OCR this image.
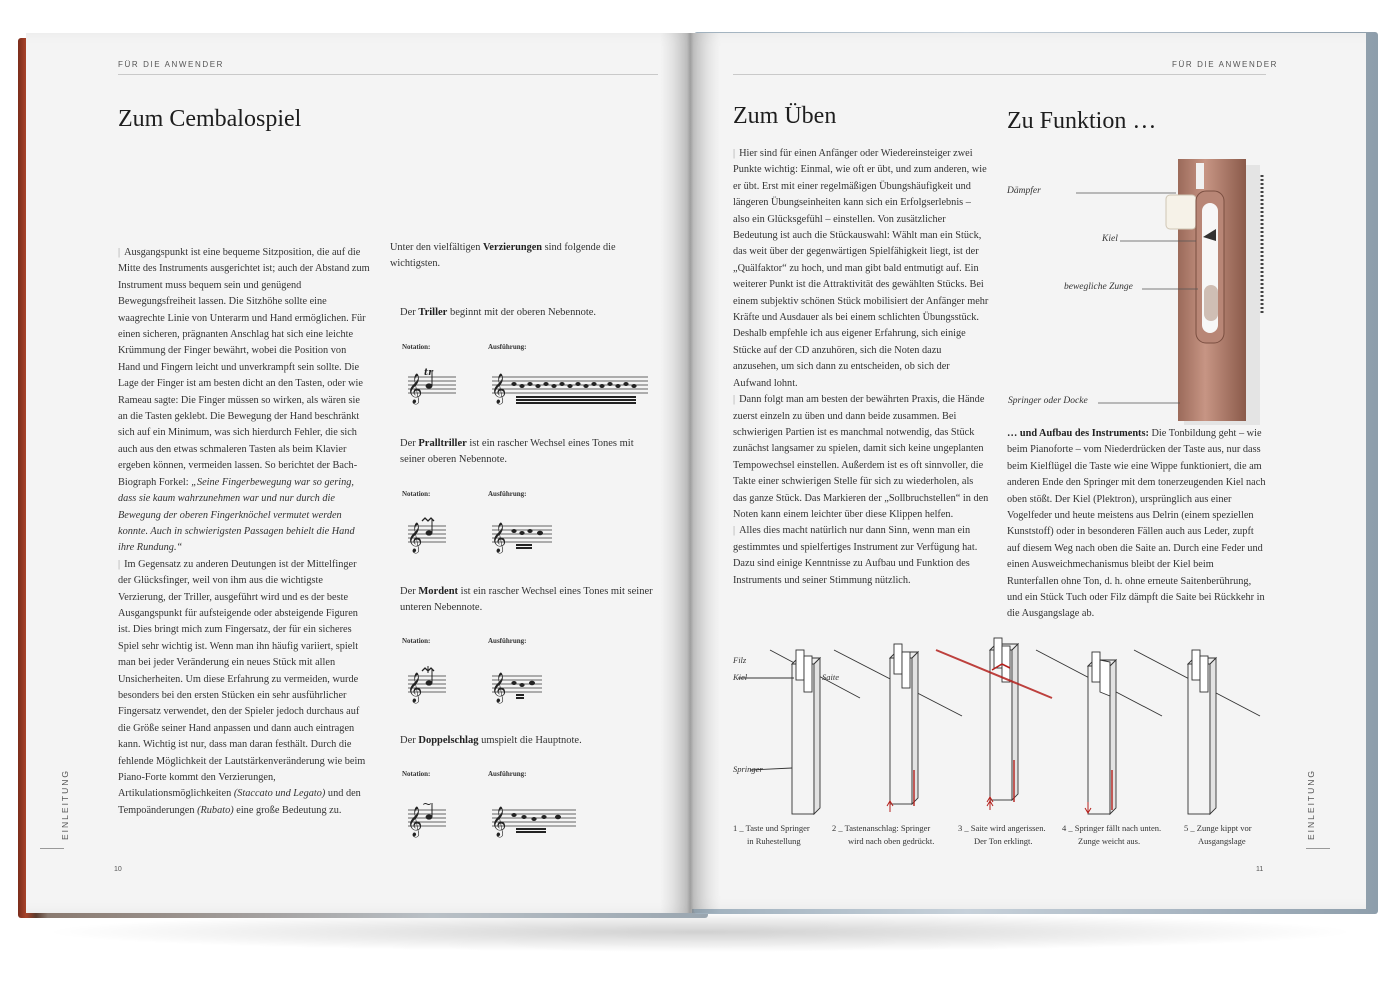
FÜR DIE ANWENDER
Zum Cembalospiel

| Ausgangspunkt ist eine bequeme Sitzposition, die auf die Mitte des Instruments ausgerichtet ist; auch der Abstand zum Instrument muss bequem sein und genügend Bewegungsfreiheit lassen. Die Sitzhöhe sollte eine waagrechte Linie von Unterarm und Hand ermöglichen. Für einen sicheren, prägnanten Anschlag hat sich eine leichte Krümmung der Finger bewährt, wobei die Position von Hand und Fingern leicht und unverkrampft sein sollte. Die Lage der Finger ist am besten dicht an den Tasten, oder wie Rameau sagte: Die Finger müssen so wirken, als wären sie an die Tasten geklebt. Die Bewegung der Hand beschränkt sich auf ein Minimum, was sich hierdurch Fehler, die sich auch aus den etwas schmaleren Tasten als beim Klavier ergeben können, vermeiden lassen. So berichtet der Bach-Biograph Forkel: „Seine Fingerbewegung war so gering, dass sie kaum wahrzunehmen war und nur durch die Bewegung der oberen Fingerknöchel vermutet werden konnte. Auch in schwierigsten Passagen behielt die Hand ihre Rundung.“

| Im Gegensatz zu anderen Deutungen ist der Mittelfinger der Glücksfinger, weil von ihm aus die wichtigste Verzierung, der Triller, ausgeführt wird und es der beste Ausgangspunkt für aufsteigende oder absteigende Figuren ist. Dies bringt mich zum Fingersatz, der für ein sicheres Spiel sehr wichtig ist. Wenn man ihn häufig variiert, spielt man bei jeder Veränderung ein neues Stück mit allen Unsicherheiten. Um diese Erfahrung zu vermeiden, wurde besonders bei den ersten Stücken ein sehr ausführlicher Fingersatz verwendet, den der Spieler jedoch durchaus auf die Größe seiner Hand anpassen und dann auch eintragen kann. Wichtig ist nur, dass man daran festhält. Durch die fehlende Möglichkeit der Lautstärkenveränderung wie beim Piano-Forte kommt den Verzierungen, Artikulationsmöglichkeiten (Staccato und Legato) und den Tempoänderungen (Rubato) eine große Bedeutung zu.

Unter den vielfältigen Verzierungen sind folgende die wichtigsten.
Der Triller beginnt mit der oberen Nebennote.
Notation:	Ausführung:
𝄞
tr
𝄞
Der Pralltriller ist ein rascher Wechsel eines Tones mit seiner oberen Nebennote.
Notation:	Ausführung:
𝄞	𝄞
Der Mordent ist ein rascher Wechsel eines Tones mit seiner unteren Nebennote.
Notation:	Ausführung:
𝄞	𝄞
Der Doppelschlag umspielt die Hauptnote.
Notation:	Ausführung:
𝄞
~
𝄞
EINLEITUNG
10
FÜR DIE ANWENDER
Zum Üben	Zu Funktion …

| Hier sind für einen Anfänger oder Wiedereinsteiger zwei Punkte wichtig: Einmal, wie oft er übt, und zum anderen, wie er übt. Erst mit einer regelmäßigen Übungshäufigkeit und längeren Übungseinheiten kann sich ein Erfolgserlebnis – also ein Glücksgefühl – einstellen. Von zusätzlicher Bedeutung ist auch die Stückauswahl: Wählt man ein Stück, das weit über der gegenwärtigen Spielfähigkeit liegt, ist der „Quälfaktor“ zu hoch, und man gibt bald entmutigt auf. Ein weiterer Punkt ist die Attraktivität des gewählten Stücks. Bei einem subjektiv schönen Stück mobilisiert der Anfänger mehr Kräfte und Ausdauer als bei einem schlichten Übungsstück. Deshalb empfehle ich aus eigener Erfahrung, sich einige Stücke auf der CD anzuhören, sich die Noten dazu anzusehen, um sich dann zu entscheiden, ob sich der Aufwand lohnt.

| Dann folgt man am besten der bewährten Praxis, die Hände zuerst einzeln zu üben und dann beide zusammen. Bei schwierigen Partien ist es manchmal notwendig, das Stück zunächst langsamer zu spielen, damit sich keine ungeplanten Tempowechsel einstellen. Außerdem ist es oft sinnvoller, die Takte einer schwierigen Stelle für sich zu wiederholen, als das ganze Stück. Das Markieren der „Sollbruchstellen“ in den Noten kann einem leichter über diese Klippen helfen.

| Alles dies macht natürlich nur dann Sinn, wenn man ein gestimmtes und spielfertiges Instrument zur Verfügung hat. Dazu sind einige Kenntnisse zu Aufbau und Funktion des Instruments und seiner Stimmung nützlich.

Dämpfer
Kiel
bewegliche Zunge
Springer oder Docke
… und Aufbau des Instruments: Die Tonbildung geht – wie beim Pianoforte – vom Niederdrücken der Taste aus, nur dass beim Kielflügel die Taste wie eine Wippe funktioniert, die am anderen Ende den Springer mit dem tonerzeugenden Kiel nach oben stößt. Der Kiel (Plektron), ursprünglich aus einer Vogelfeder und heute meistens aus Delrin (einem speziellen Kunststoff) oder in besonderen Fällen auch aus Leder, zupft auf diesem Weg nach oben die Saite an. Durch eine Feder und einen Ausweichmechanismus bleibt der Kiel beim Runterfallen ohne Ton, d. h. ohne erneute Saitenberührung, und ein Stück Tuch oder Filz dämpft die Saite bei Rückkehr in die Ausgangslage ab.
Filz
Kiel	Saite
Springer
1 _ Taste und Springer
in Ruhestellung
2 _ Tastenanschlag: Springer
wird nach oben gedrückt.
3 _ Saite wird angerissen.
Der Ton erklingt.
4 _ Springer fällt nach unten.
Zunge weicht aus.
5 _ Zunge kippt vor
Ausgangslage
EINLEITUNG
11
